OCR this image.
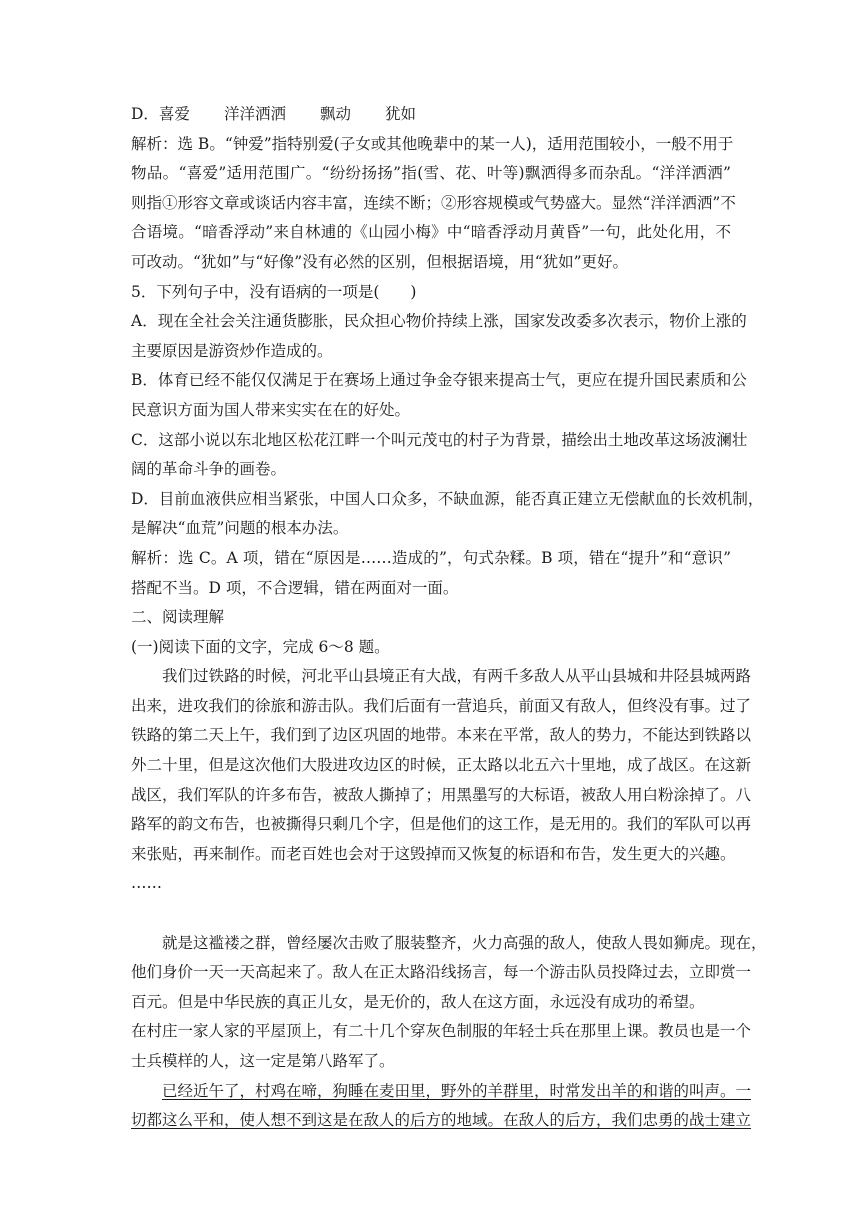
D．喜爱 洋洋洒洒 飘动 犹如
解析：选 B。“钟爱”指特别爱(子女或其他晚辈中的某一人)，适用范围较小，一般不用于
物品。“喜爱”适用范围广。“纷纷扬扬”指(雪、花、叶等)飘洒得多而杂乱。“洋洋洒洒”
则指①形容文章或谈话内容丰富，连续不断；②形容规模或气势盛大。显然“洋洋洒洒”不
合语境。“暗香浮动”来自林逋的《山园小梅》中“暗香浮动月黄昏”一句，此处化用，不
可改动。“犹如”与“好像”没有必然的区别，但根据语境，用“犹如”更好。
5．下列句子中，没有语病的一项是(　　)
A．现在全社会关注通货膨胀，民众担心物价持续上涨，国家发改委多次表示，物价上涨的
主要原因是游资炒作造成的。
B．体育已经不能仅仅满足于在赛场上通过争金夺银来提高士气，更应在提升国民素质和公
民意识方面为国人带来实实在在的好处。
C．这部小说以东北地区松花江畔一个叫元茂屯的村子为背景，描绘出土地改革这场波澜壮
阔的革命斗争的画卷。
D．目前血液供应相当紧张，中国人口众多，不缺血源，能否真正建立无偿献血的长效机制，
是解决“血荒”问题的根本办法。
解析：选 C。A 项，错在“原因是……造成的”，句式杂糅。B 项，错在“提升”和“意识”
搭配不当。D 项，不合逻辑，错在两面对一面。
二、阅读理解
(一)阅读下面的文字，完成 6～8 题。
我们过铁路的时候，河北平山县境正有大战，有两千多敌人从平山县城和井陉县城两路
出来，进攻我们的徐旅和游击队。我们后面有一营追兵，前面又有敌人，但终没有事。过了
铁路的第二天上午，我们到了边区巩固的地带。本来在平常，敌人的势力，不能达到铁路以
外二十里，但是这次他们大股进攻边区的时候，正太路以北五六十里地，成了战区。在这新
战区，我们军队的许多布告，被敌人撕掉了；用黑墨写的大标语，被敌人用白粉涂掉了。八
路军的韵文布告，也被撕得只剩几个字，但是他们的这工作，是无用的。我们的军队可以再
来张贴，再来制作。而老百姓也会对于这毁掉而又恢复的标语和布告，发生更大的兴趣。
……
就是这褴褛之群，曾经屡次击败了服装整齐，火力高强的敌人，使敌人畏如狮虎。现在，
他们身价一天一天高起来了。敌人在正太路沿线扬言，每一个游击队员投降过去，立即赏一
百元。但是中华民族的真正儿女，是无价的，敌人在这方面，永远没有成功的希望。
在村庄一家人家的平屋顶上，有二十几个穿灰色制服的年轻士兵在那里上课。教员也是一个
士兵模样的人，这一定是第八路军了。
已经近午了，村鸡在啼，狗睡在麦田里，野外的羊群里，时常发出羊的和谐的叫声。一
切都这么平和，使人想不到这是在敌人的后方的地域。在敌人的后方，我们忠勇的战士建立
